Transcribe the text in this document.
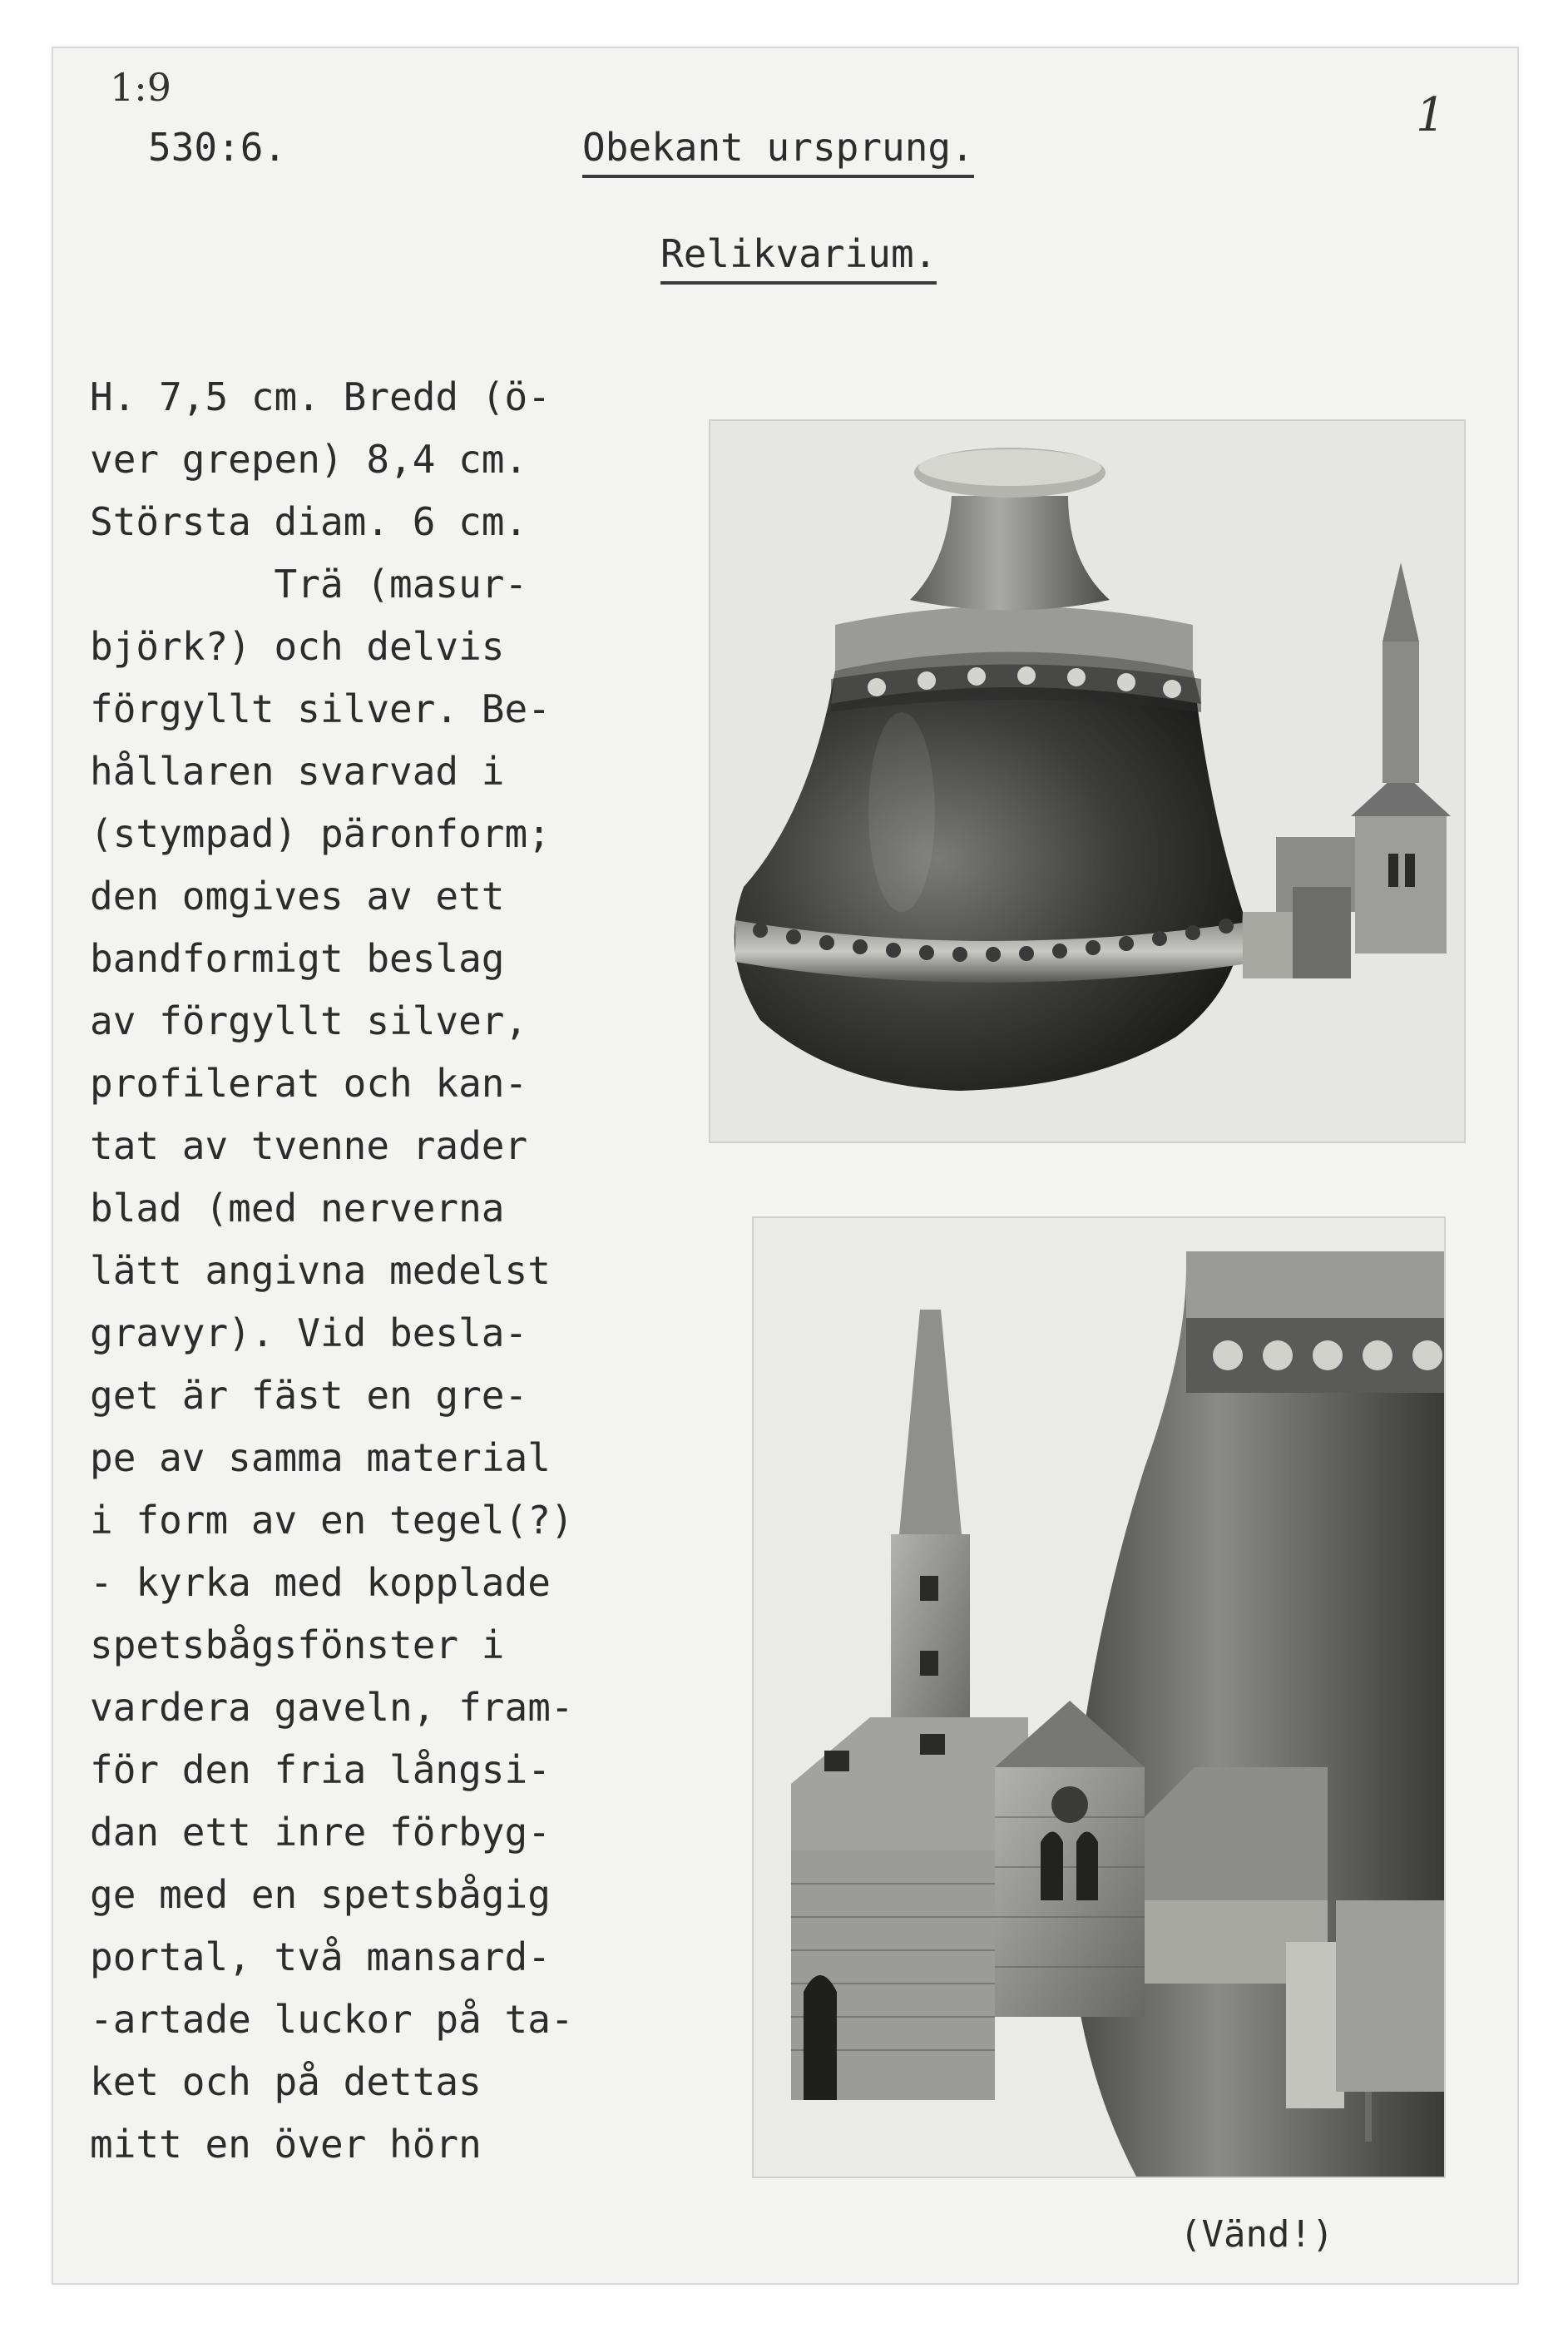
1:9
530:6.
1
Obekant ursprung.
Relikvarium.
H. 7,5 cm. Bredd (ö-
ver grepen) 8,4 cm.
Största diam. 6 cm.
Trä (masur-
björk?) och delvis
förgyllt silver. Be-
hållaren svarvad i
(stympad) päronform;
den omgives av ett
bandformigt beslag
av förgyllt silver,
profilerat och kan-
tat av tvenne rader
blad (med nerverna
lätt angivna medelst
gravyr). Vid besla-
get är fäst en gre-
pe av samma material
i form av en tegel(?)
- kyrka med kopplade
spetsbågsfönster i
vardera gaveln, fram-
för den fria långsi-
dan ett inre förbyg-
ge med en spetsbågig
portal, två mansard-
-artade luckor på ta-
ket och på dettas
mitt en över hörn
(Vänd!)
